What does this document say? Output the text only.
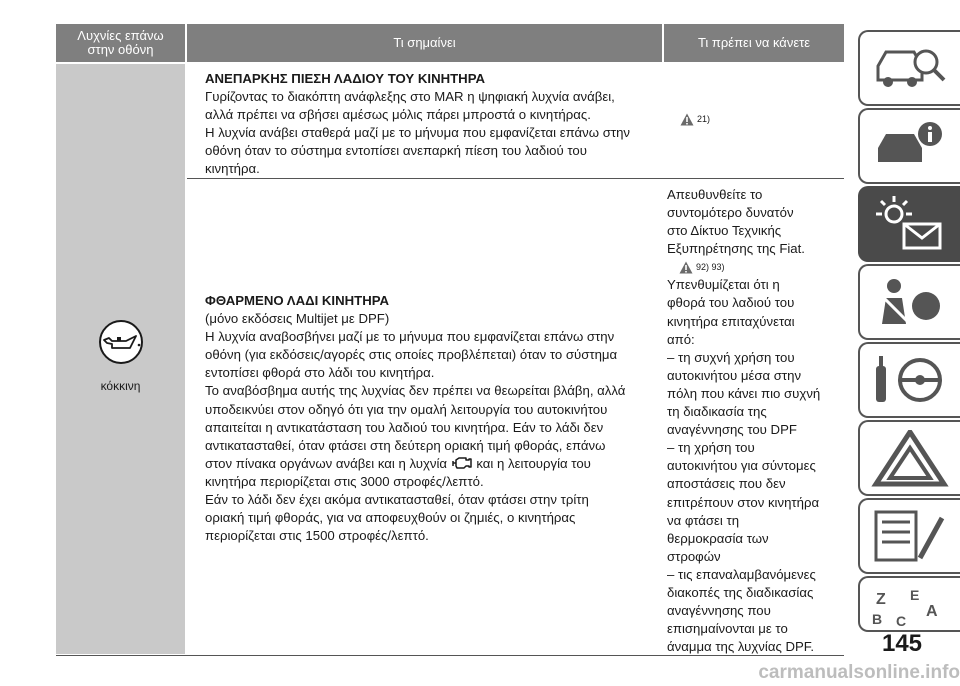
Λυχνίες επάνω
στην οθόνη	Τι σημαίνει	Τι πρέπει να κάνετε

ΑΝΕΠΑΡΚΗΣ ΠΙΕΣΗ ΛΑΔΙΟΥ ΤΟΥ ΚΙΝΗΤΗΡΑ

Γυρίζοντας το διακόπτη ανάφλεξης στο MAR η ψηφιακή λυχνία ανάβει,

αλλά πρέπει να σβήσει αμέσως μόλις πάρει μπροστά ο κινητήρας.

Η λυχνία ανάβει σταθερά μαζί με το μήνυμα που εμφανίζεται επάνω στην

οθόνη όταν το σύστημα εντοπίσει ανεπαρκή πίεση του λαδιού του

κινητήρα.

21)
κόκκινη

ΦΘΑΡΜΕΝΟ ΛΑΔΙ ΚΙΝΗΤΗΡΑ

(μόνο εκδόσεις Multijet με DPF)

Η λυχνία αναβοσβήνει μαζί με το μήνυμα που εμφανίζεται επάνω στην

οθόνη (για εκδόσεις/αγορές στις οποίες προβλέπεται) όταν το σύστημα

εντοπίσει φθορά στο λάδι του κινητήρα.

Το αναβόσβημα αυτής της λυχνίας δεν πρέπει να θεωρείται βλάβη, αλλά

υποδεικνύει στον οδηγό ότι για την ομαλή λειτουργία του αυτοκινήτου

απαιτείται η αντικατάσταση του λαδιού του κινητήρα. Εάν το λάδι δεν

αντικατασταθεί, όταν φτάσει στη δεύτερη οριακή τιμή φθοράς, επάνω

στον πίνακα οργάνων ανάβει και η λυχνία και η λειτουργία του

κινητήρα περιορίζεται στις 3000 στροφές/λεπτό.

Εάν το λάδι δεν έχει ακόμα αντικατασταθεί, όταν φτάσει στην τρίτη

οριακή τιμή φθοράς, για να αποφευχθούν οι ζημιές, ο κινητήρας

περιορίζεται στις 1500 στροφές/λεπτό.

Απευθυνθείτε το

συντομότερο δυνατόν

στο Δίκτυο Τεχνικής

Εξυπηρέτησης της Fiat.

92) 93)

Υπενθυμίζεται ότι η

φθορά του λαδιού του

κινητήρα επιταχύνεται

από:

– τη συχνή χρήση του

αυτοκινήτου μέσα στην

πόλη που κάνει πιο συχνή

τη διαδικασία της

αναγέννησης του DPF

– τη χρήση του

αυτοκινήτου για σύντομες

αποστάσεις που δεν

επιτρέπουν στον κινητήρα

να φτάσει τη

θερμοκρασία των

στροφών

– τις επαναλαμβανόμενες

διακοπές της διαδικασίας

αναγέννησης που

επισημαίνονται με το

άναμμα της λυχνίας DPF.

Z E
A
B C
145
carmanualsonline.info
